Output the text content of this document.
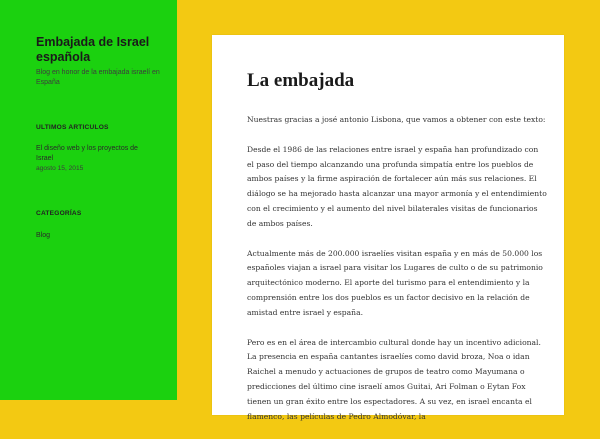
Embajada de Israel española
Blog en honor de la embajada israelí en España
ULTIMOS ARTICULOS
El diseño web y los proyectos de Israel
agosto 15, 2015
CATEGORÍAS
Blog
La embajada

Nuestras gracias a josé antonio Lisbona, que vamos a obtener con este texto:

Desde el 1986 de las relaciones entre israel y españa han profundizado con el paso del tiempo alcanzando una profunda simpatía entre los pueblos de ambos países y la firme aspiración de fortalecer aún más sus relaciones. El diálogo se ha mejorado hasta alcanzar una mayor armonía y el entendimiento con el crecimiento y el aumento del nivel bilaterales visitas de funcionarios de ambos países.

Actualmente más de 200.000 israelíes visitan españa y en más de 50.000 los españoles viajan a israel para visitar los Lugares de culto o de su patrimonio arquitectónico moderno. El aporte del turismo para el entendimiento y la comprensión entre los dos pueblos es un factor decisivo en la relación de amistad entre israel y españa.

Pero es en el área de intercambio cultural donde hay un incentivo adicional. La presencia en españa cantantes israelíes como david broza, Noa o idan Raichel a menudo y actuaciones de grupos de teatro como Mayumana o predicciones del último cine israelí amos Guitai, Ari Folman o Eytan Fox tienen un gran éxito entre los espectadores. A su vez, en israel encanta el flamenco, las películas de Pedro Almodóvar, la
